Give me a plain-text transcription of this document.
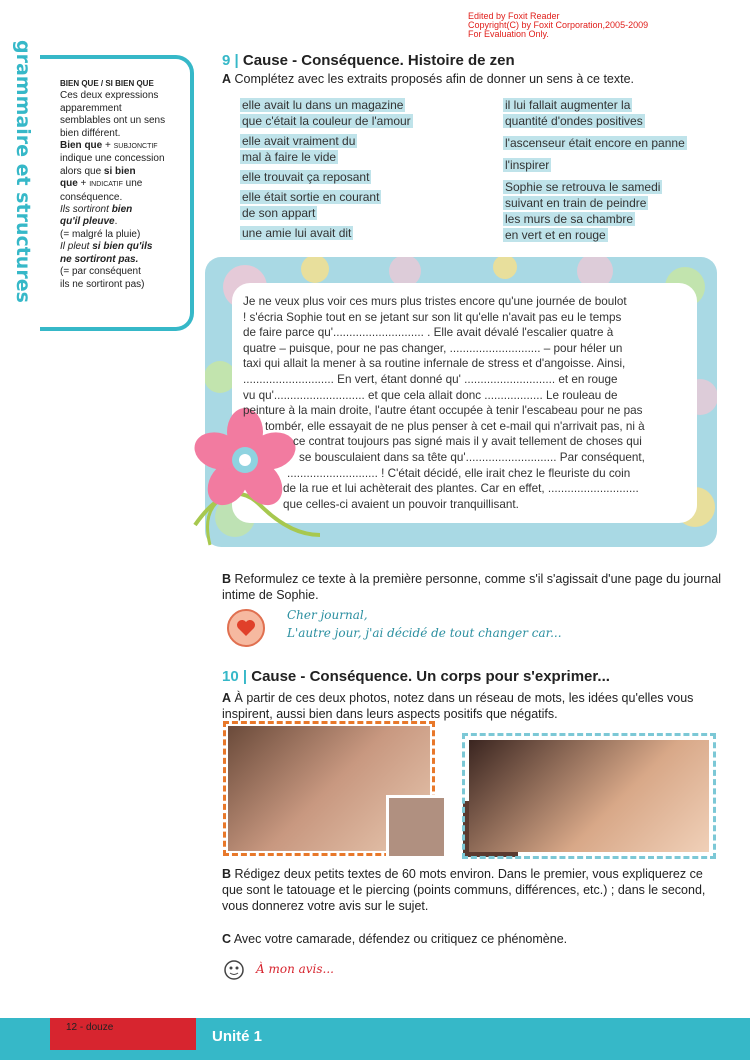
Edited by Foxit Reader
Copyright(C) by Foxit Corporation,2005-2009
For Evaluation Only.
grammaire et structures	BIEN QUE / SI BIEN QUE
Ces deux expressions
apparemment
semblables ont un sens
bien différent.
Bien que + SUBJONCTIF
indique une concession
alors que si bien
que + INDICATIF une
conséquence.
Ils sortiront bien
qu'il pleuve.
(= malgré la pluie)
Il pleut si bien qu'ils
ne sortiront pas.
(= par conséquent
ils ne sortiront pas)
9 | Cause - Conséquence. Histoire de zen
A Complétez avec les extraits proposés afin de donner un sens à ce texte.
elle avait lu dans un magazine
que c'était la couleur de l'amour
elle avait vraiment du
mal à faire le vide
elle trouvait ça reposant
elle était sortie en courant
de son appart
une amie lui avait dit
il lui fallait augmenter la
quantité d'ondes positives
l'ascenseur était encore en panne
l'inspirer
Sophie se retrouva le samedi
suivant en train de peindre
les murs de sa chambre
en vert et en rouge
Je ne veux plus voir ces murs plus tristes encore qu'une journée de boulot
! s'écria Sophie tout en se jetant sur son lit qu'elle n'avait pas eu le temps
de faire parce qu'............................ . Elle avait dévalé l'escalier quatre à
quatre – puisque, pour ne pas changer, ............................ – pour héler un
taxi qui allait la mener à sa routine infernale de stress et d'angoisse. Ainsi,
............................ En vert, étant donné qu' ............................ et en rouge
vu qu'............................ et que cela allait donc .................. Le rouleau de
peinture à la main droite, l'autre étant occupée à tenir l'escabeau pour ne pas
tombér, elle essayait de ne plus penser à cet e-mail qui n'arrivait pas, ni à
ce contrat toujours pas signé mais il y avait tellement de choses qui
se bousculaient dans sa tête qu'............................ Par conséquent,
............................ ! C'était décidé, elle irait chez le fleuriste du coin
de la rue et lui achèterait des plantes. Car en effet, ............................
que celles-ci avaient un pouvoir tranquillisant.
B Reformulez ce texte à la première personne, comme s'il s'agissait d'une page du journal intime de Sophie.
Cher journal,
L'autre jour, j'ai décidé de tout changer car...
10 | Cause - Conséquence. Un corps pour s'exprimer...
A À partir de ces deux photos, notez dans un réseau de mots, les idées qu'elles vous inspirent, aussi bien dans leurs aspects positifs que négatifs.
B Rédigez deux petits textes de 60 mots environ. Dans le premier, vous expliquerez ce que sont le tatouage et le piercing (points communs, différences, etc.) ; dans le second, vous donnerez votre avis sur le sujet.
C Avec votre camarade, défendez ou critiquez ce phénomène.
À mon avis...
12 - douze
Unité 1
